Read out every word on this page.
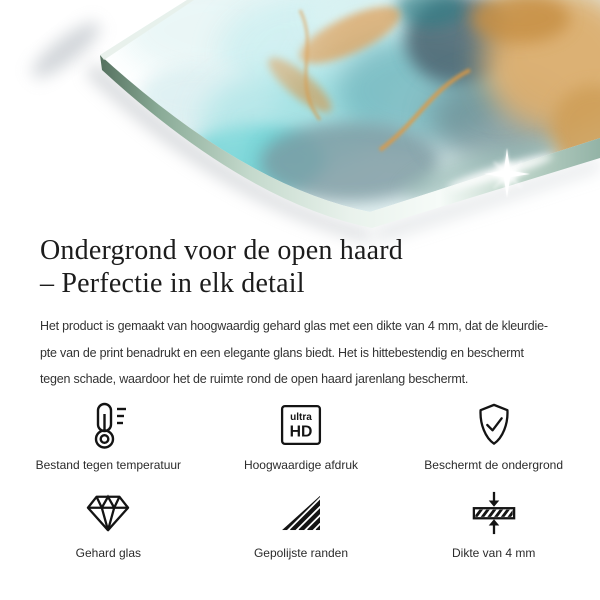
Ondergrond voor de open haard
– Perfectie in elk detail
Het product is gemaakt van hoogwaardig gehard glas met een dikte van 4 mm, dat de kleurdie-
pte van de print benadrukt en een elegante glans biedt. Het is hittebestendig en beschermt
tegen schade, waardoor het de ruimte rond de open haard jarenlang beschermt.
Bestand tegen temperatuur
ultra
HD
Hoogwaardige afdruk	Beschermt de ondergrond
Gehard glas	Gepolijste randen	Dikte van 4 mm
